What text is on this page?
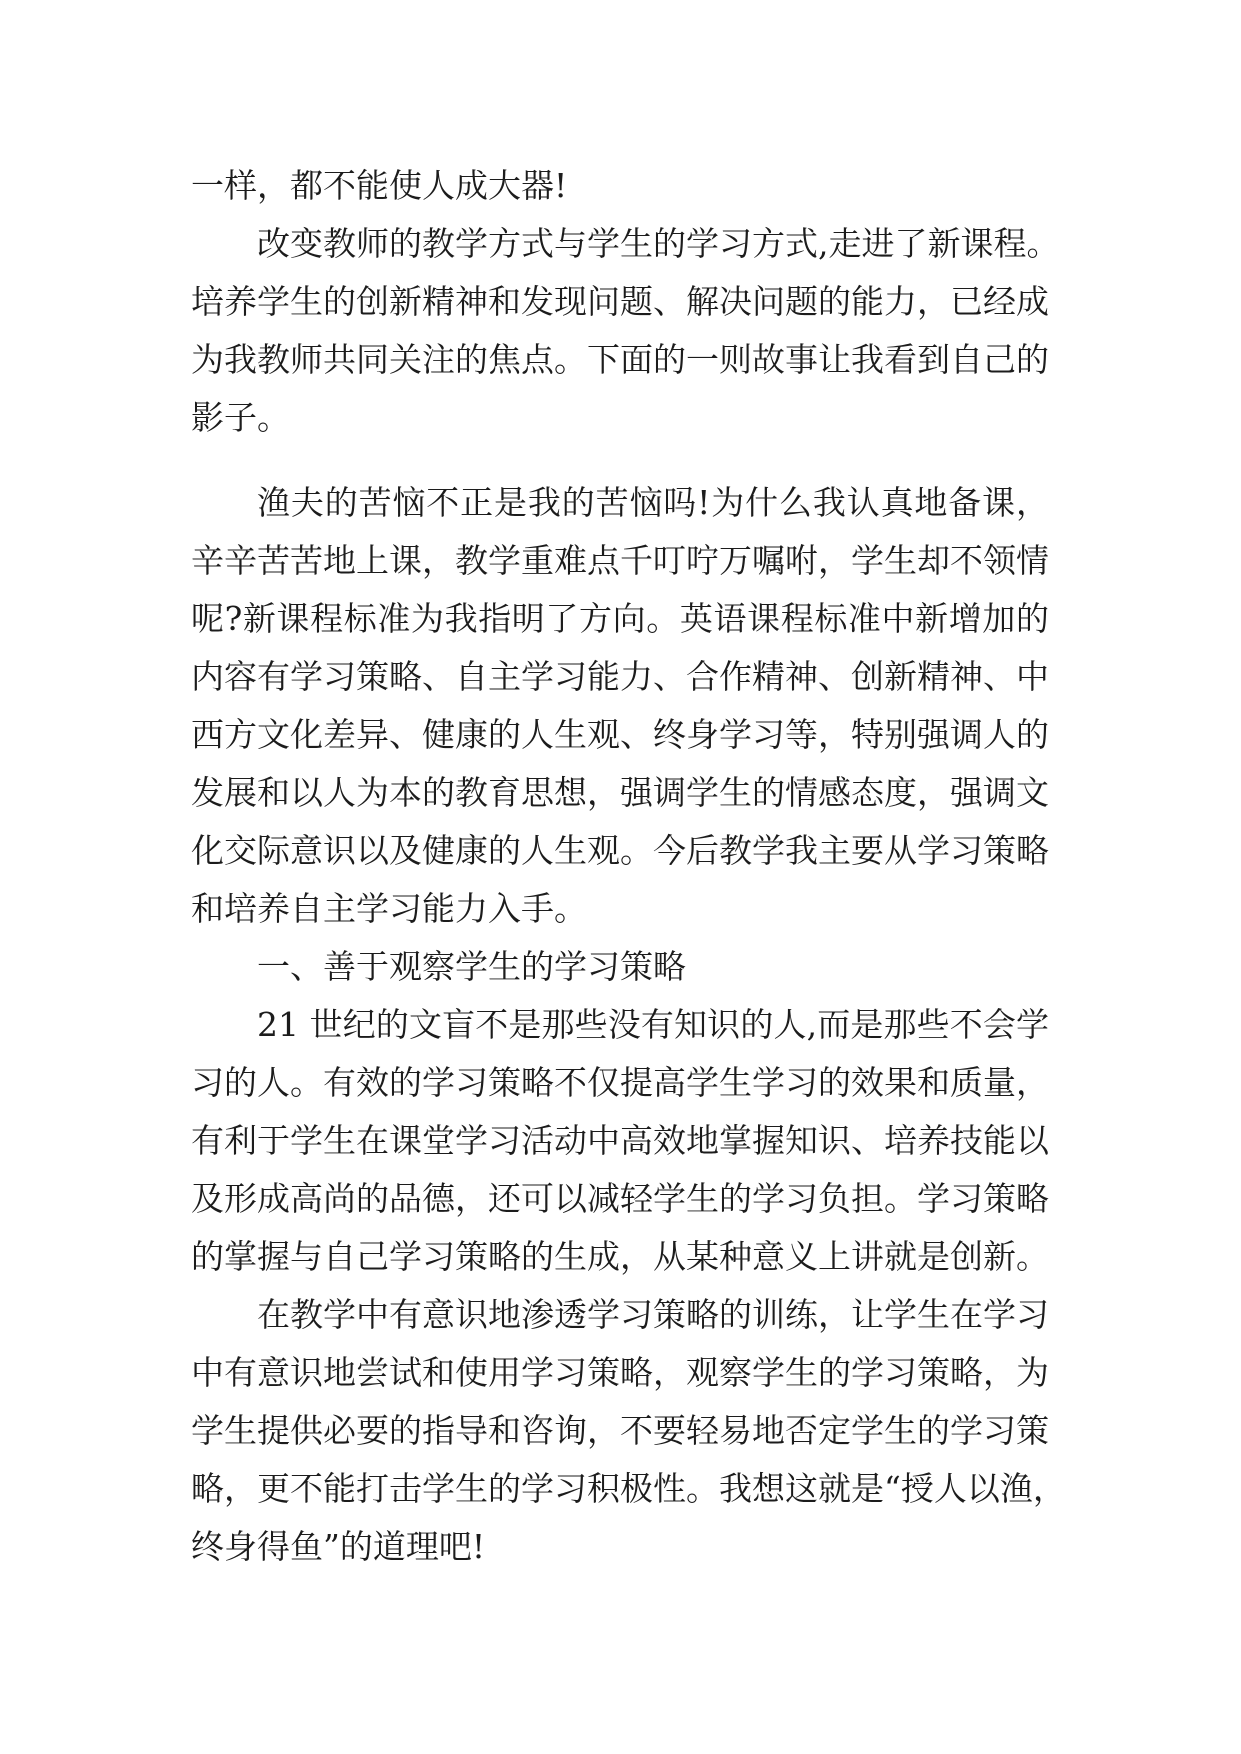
一样，都不能使人成大器!
改变教师的教学方式与学生的学习方式,走进了新课程。
培养学生的创新精神和发现问题、解决问题的能力，已经成
为我教师共同关注的焦点。下面的一则故事让我看到自己的
影子。
渔夫的苦恼不正是我的苦恼吗!为什么我认真地备课，
辛辛苦苦地上课，教学重难点千叮咛万嘱咐，学生却不领情
呢?新课程标准为我指明了方向。英语课程标准中新增加的
内容有学习策略、自主学习能力、合作精神、创新精神、中
西方文化差异、健康的人生观、终身学习等，特别强调人的
发展和以人为本的教育思想，强调学生的情感态度，强调文
化交际意识以及健康的人生观。今后教学我主要从学习策略
和培养自主学习能力入手。
一、善于观察学生的学习策略
21 世纪的文盲不是那些没有知识的人,而是那些不会学
习的人。有效的学习策略不仅提高学生学习的效果和质量，
有利于学生在课堂学习活动中高效地掌握知识、培养技能以
及形成高尚的品德，还可以减轻学生的学习负担。学习策略
的掌握与自己学习策略的生成，从某种意义上讲就是创新。
在教学中有意识地渗透学习策略的训练，让学生在学习
中有意识地尝试和使用学习策略，观察学生的学习策略，为
学生提供必要的指导和咨询，不要轻易地否定学生的学习策
略，更不能打击学生的学习积极性。我想这就是“授人以渔，
终身得鱼”的道理吧!
